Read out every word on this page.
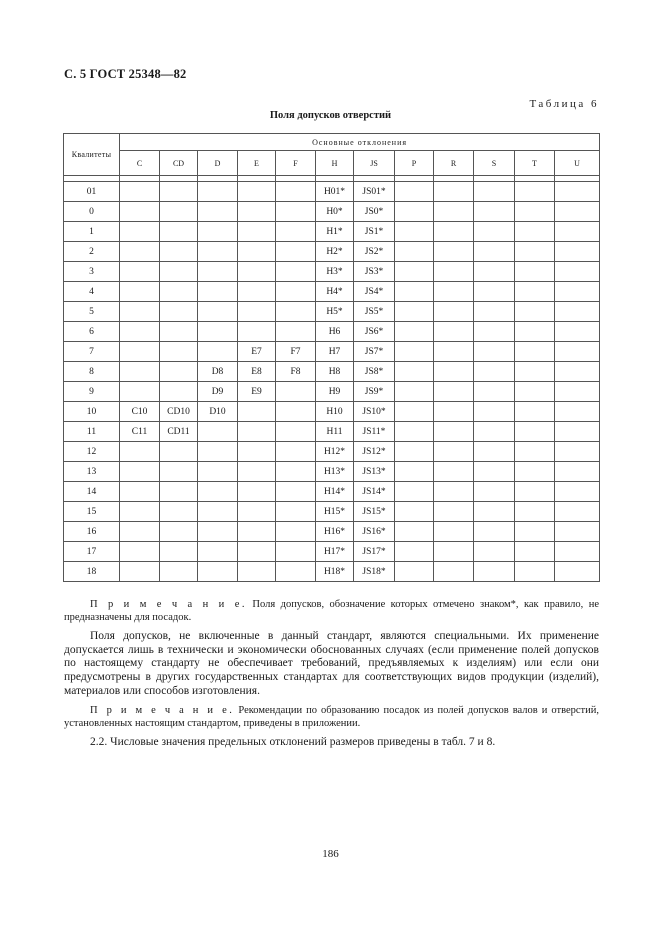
С. 5 ГОСТ 25348—82
Таблица 6
Поля допусков отверстий
Квалитеты	Основные отклонения											
	C	CD	D	E	F	H	JS	P	R	S	T	U

01						H01*	JS01*					
0						H0*	JS0*					
1						H1*	JS1*					
2						H2*	JS2*					
3						H3*	JS3*					
4						H4*	JS4*					
5						H5*	JS5*					
6						H6	JS6*					
7				E7	F7	H7	JS7*					
8			D8	E8	F8	H8	JS8*					
9			D9	E9		H9	JS9*					
10	C10	CD10	D10			H10	JS10*					
11	C11	CD11				H11	JS11*					
12						H12*	JS12*					
13						H13*	JS13*					
14						H14*	JS14*					
15						H15*	JS15*					
16						H16*	JS16*					
17						H17*	JS17*					
18						H18*	JS18*					
П р и м е ч а н и е. Поля допусков, обозначение которых отмечено знаком*, как правило, не предназначены для посадок.
Поля допусков, не включенные в данный стандарт, являются специальными. Их применение допускается лишь в технически и экономически обоснованных случаях (если применение полей допусков по настоящему стандарту не обеспечивает требований, предъявляемых к изделиям) или если они предусмотрены в других государственных стандартах для соответствующих видов продукции (изделий), материалов или способов изготовления.
П р и м е ч а н и е. Рекомендации по образованию посадок из полей допусков валов и отверстий, установленных настоящим стандартом, приведены в приложении.
2.2. Числовые значения предельных отклонений размеров приведены в табл. 7 и 8.
186
